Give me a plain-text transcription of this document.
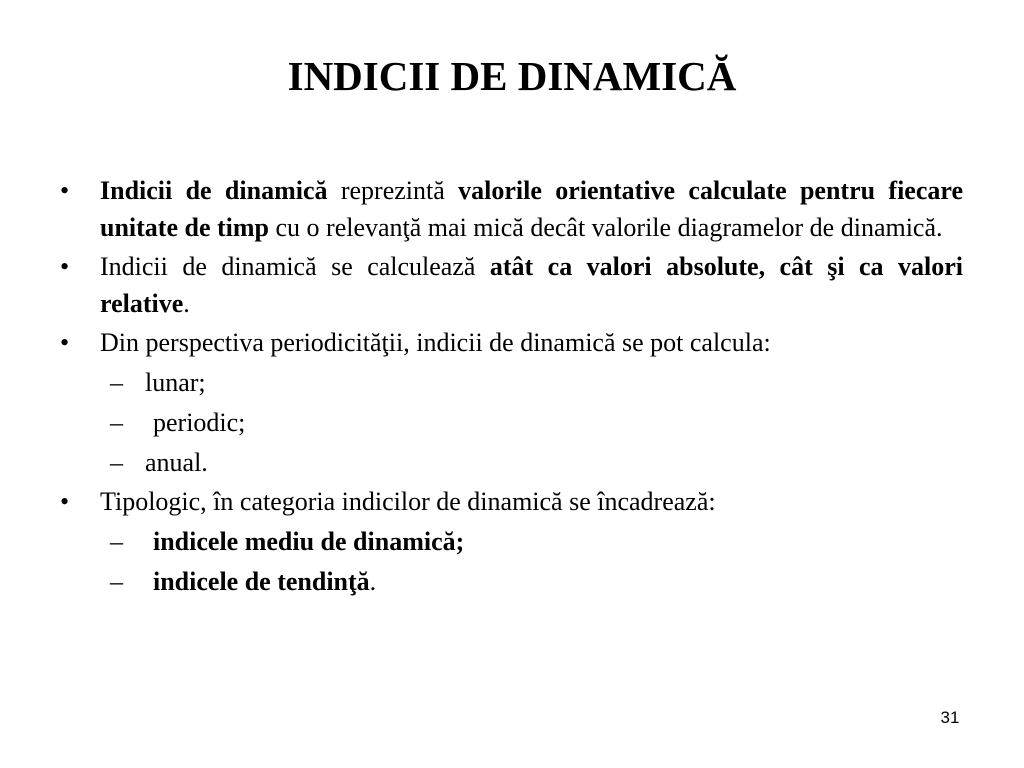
INDICII DE DINAMICĂ
• Indicii de dinamică reprezintă valorile orientative calculate pentru fiecare unitate de timp cu o relevanţă mai mică decât valorile diagramelor de dinamică.
• Indicii de dinamică se calculează atât ca valori absolute, cât şi ca valori relative.
• Din perspectiva periodicităţii, indicii de dinamică se pot calcula:
– lunar;
– periodic;
– anual.
• Tipologic, în categoria indicilor de dinamică se încadrează:
– indicele mediu de dinamică;
– indicele de tendinţă.
31
